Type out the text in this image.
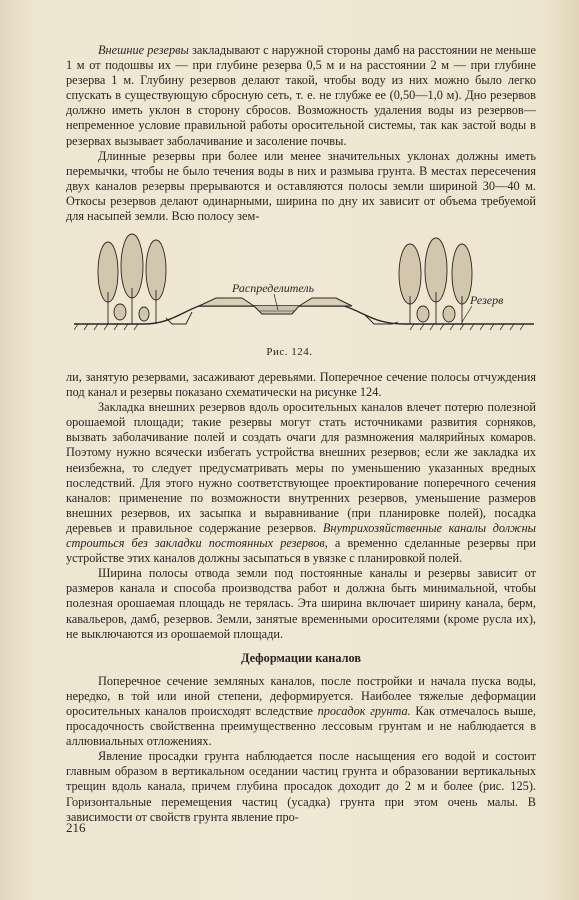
Внешние резервы закладывают с наружной стороны дамб на расстоянии не меньше 1 м от подошвы их — при глубине резерва 0,5 м и на расстоянии 2 м — при глубине резерва 1 м. Глубину резервов делают такой, чтобы воду из них можно было легко спускать в существующую сбросную сеть, т. е. не глубже ее (0,50—1,0 м). Дно резервов должно иметь уклон в сторону сбросов. Возможность удаления воды из резервов—непременное условие правильной работы оросительной системы, так как застой воды в резервах вызывает заболачивание и засоление почвы.

Длинные резервы при более или менее значительных уклонах должны иметь перемычки, чтобы не было течения воды в них и размыва грунта. В местах пересечения двух каналов резервы прерываются и оставляются полосы земли шириной 30—40 м. Откосы резервов делают одинарными, ширина по дну их зависит от объема требуемой для насыпей земли. Всю полосу зем-

Распределитель
Резерв
Рис. 124.

ли, занятую резервами, засаживают деревьями. Поперечное сечение полосы отчуждения под канал и резервы показано схематически на рисунке 124.

Закладка внешних резервов вдоль оросительных каналов влечет потерю полезной орошаемой площади; такие резервы могут стать источниками развития сорняков, вызвать заболачивание полей и создать очаги для размножения малярийных комаров. Поэтому нужно всячески избегать устройства внешних резервов; если же закладка их неизбежна, то следует предусматривать меры по уменьшению указанных вредных последствий. Для этого нужно соответствующее проектирование поперечного сечения каналов: применение по возможности внутренних резервов, уменьшение размеров внешних резервов, их засыпка и выравнивание (при планировке полей), посадка деревьев и правильное содержание резервов. Внутрихозяйственные каналы должны строиться без закладки постоянных резервов, а временно сделанные резервы при устройстве этих каналов должны засыпаться в увязке с планировкой полей.

Ширина полосы отвода земли под постоянные каналы и резервы зависит от размеров канала и способа производства работ и должна быть минимальной, чтобы полезная орошаемая площадь не терялась. Эта ширина включает ширину канала, берм, кавальеров, дамб, резервов. Земли, занятые временными оросителями (кроме русла их), не выключаются из орошаемой площади.

Деформации каналов

Поперечное сечение земляных каналов, после постройки и начала пуска воды, нередко, в той или иной степени, деформируется. Наиболее тяжелые деформации оросительных каналов происходят вследствие просадок грунта. Как отмечалось выше, просадочность свойственна преимущественно лессовым грунтам и не наблюдается в аллювиальных отложениях.

Явление просадки грунта наблюдается после насыщения его водой и состоит главным образом в вертикальном оседании частиц грунта и образовании вертикальных трещин вдоль канала, причем глубина просадок доходит до 2 м и более (рис. 125). Горизонтальные перемещения частиц (усадка) грунта при этом очень малы. В зависимости от свойств грунта явление про-

216
